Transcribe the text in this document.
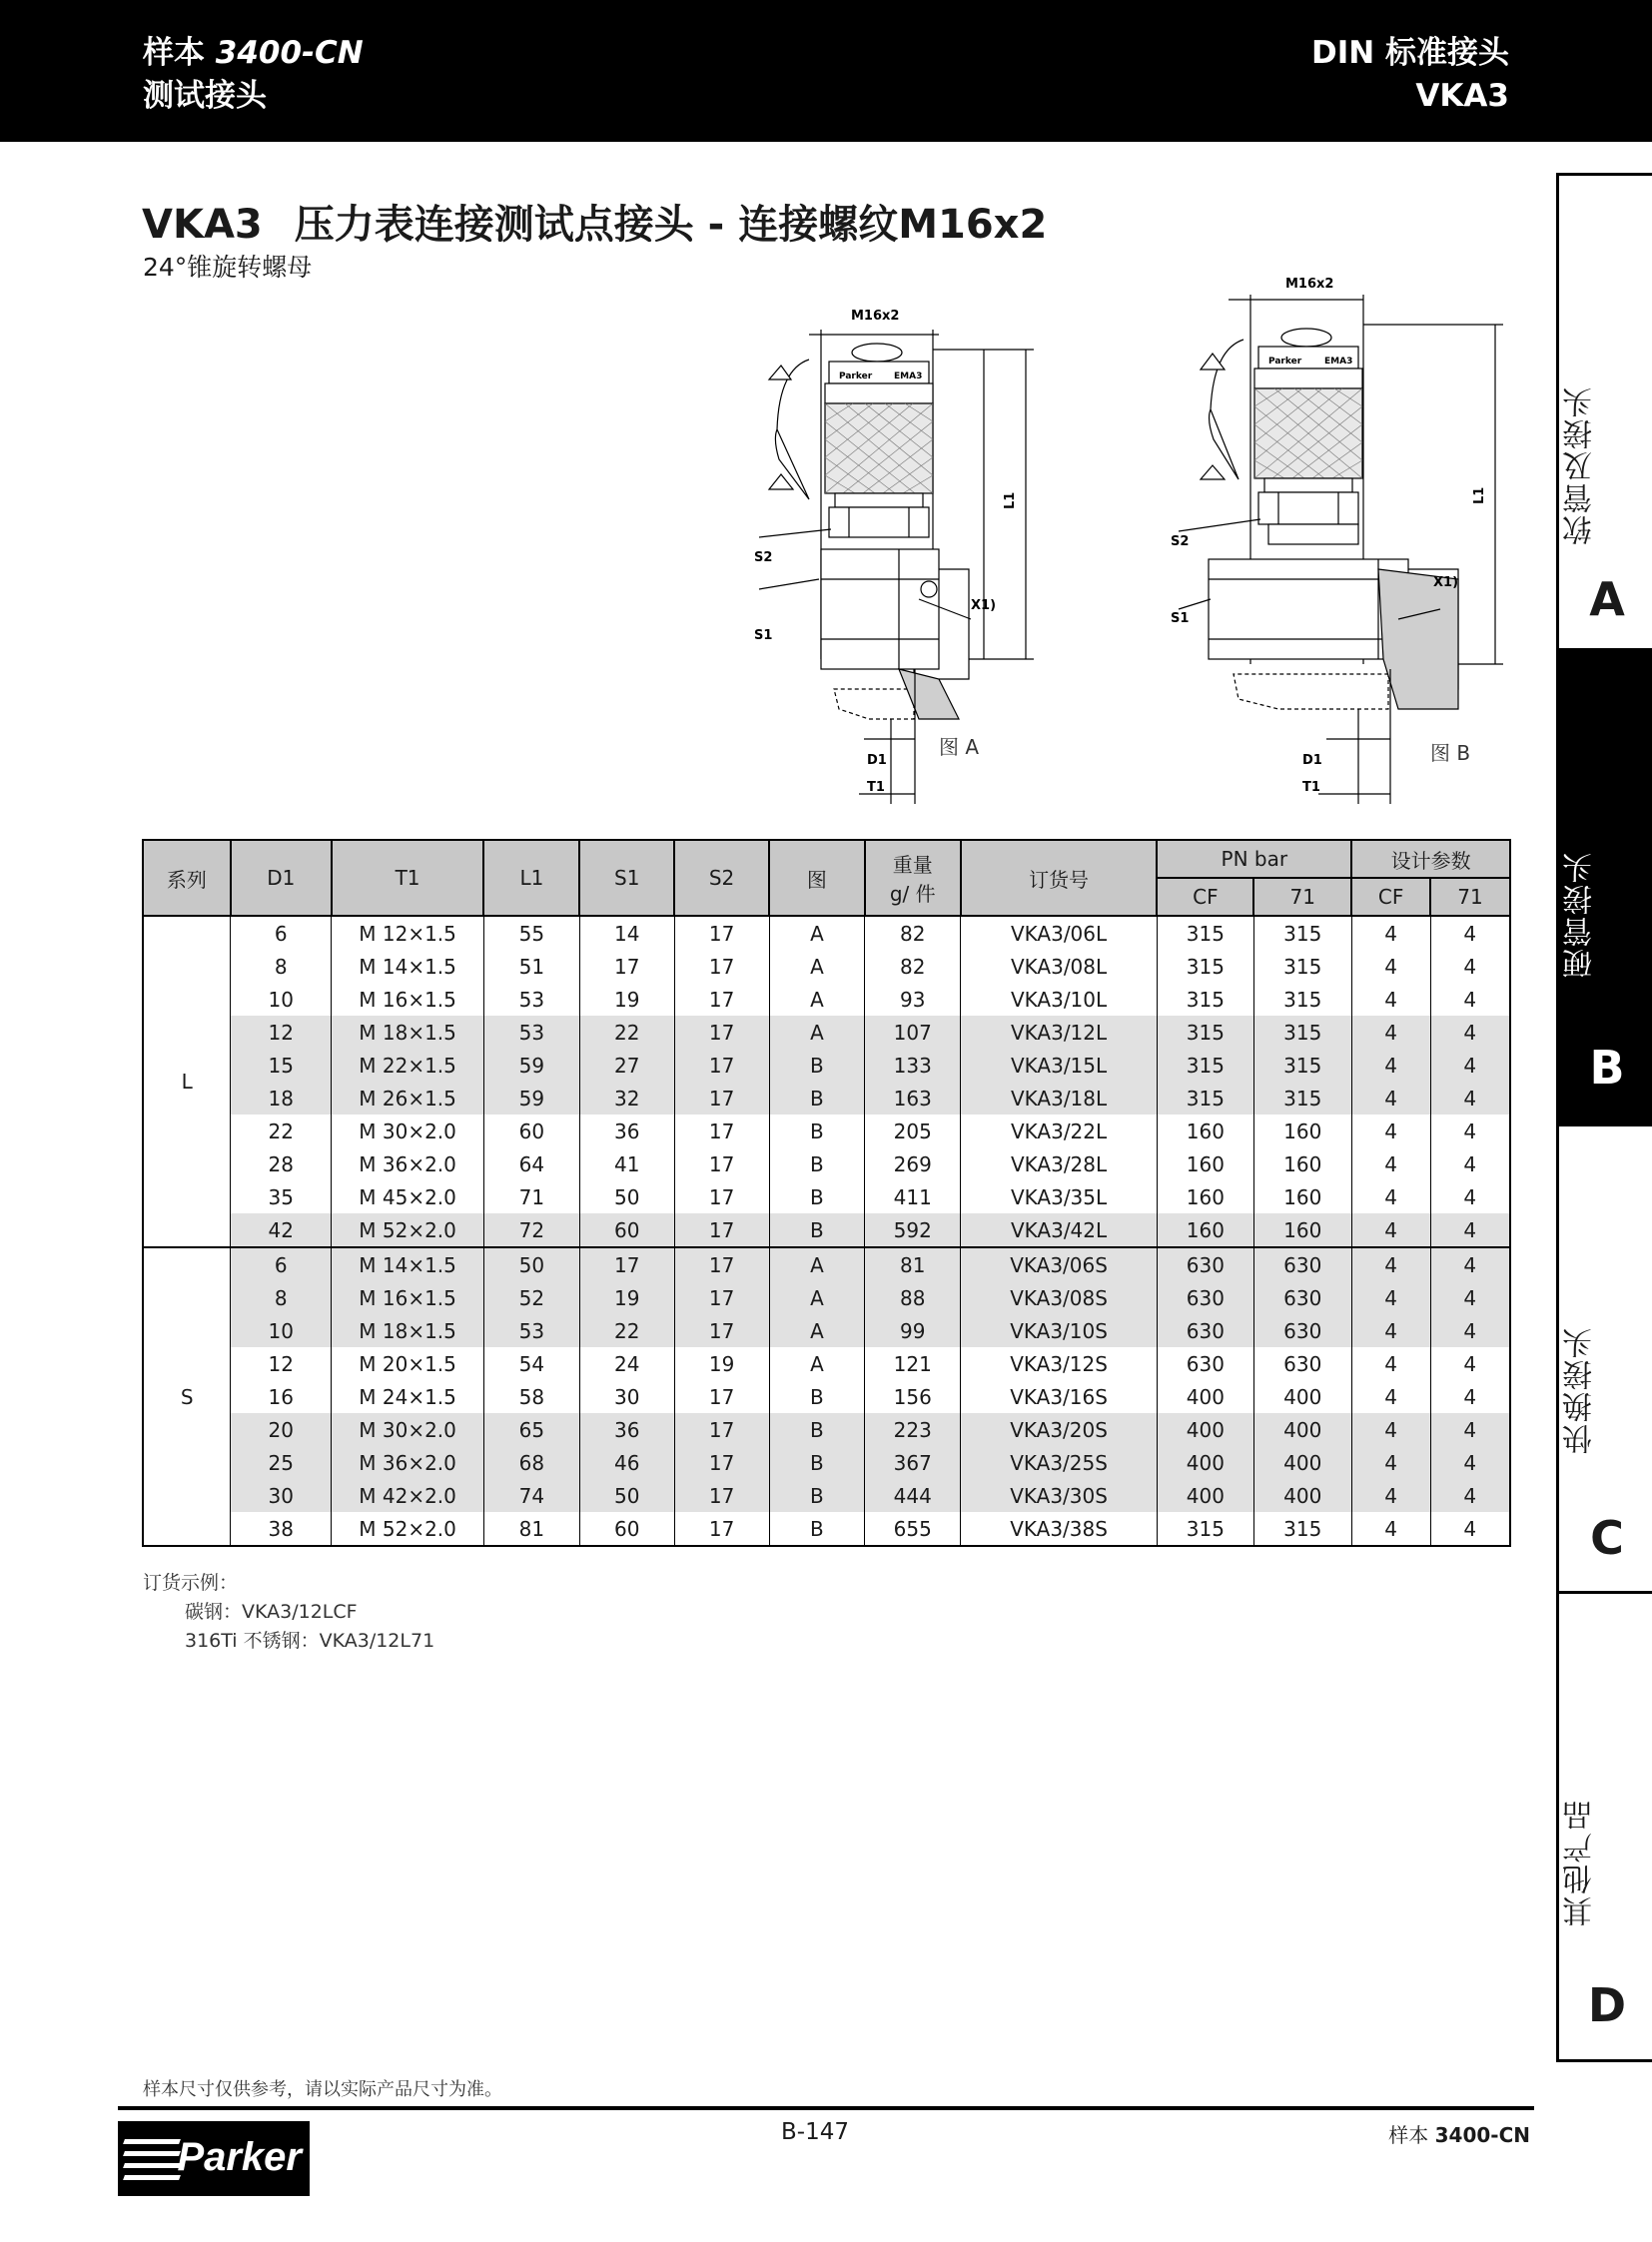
样本 3400-CN
测试接头
DIN 标准接头
VKA3
VKA3 压力表连接测试点接头 - 连接螺纹M16x2
24°锥旋转螺母
M16x2
Parker EMA3
L1
S2
S1
X1)
D1
T1
图 A
M16x2
Parker	EMA3
L1
S2
S1
X1)
D1
T1
图 B
系列	D1	T1	L1	S1	S2	图	重量
g/ 件	订货号	PN bar		设计参数	
									CF	71	CF	71
L	6	M 12×1.5	55	14	17	A	82	VKA3/06L	315	315	4	4
	8	M 14×1.5	51	17	17	A	82	VKA3/08L	315	315	4	4
	10	M 16×1.5	53	19	17	A	93	VKA3/10L	315	315	4	4
	12	M 18×1.5	53	22	17	A	107	VKA3/12L	315	315	4	4
	15	M 22×1.5	59	27	17	B	133	VKA3/15L	315	315	4	4
	18	M 26×1.5	59	32	17	B	163	VKA3/18L	315	315	4	4
	22	M 30×2.0	60	36	17	B	205	VKA3/22L	160	160	4	4
	28	M 36×2.0	64	41	17	B	269	VKA3/28L	160	160	4	4
	35	M 45×2.0	71	50	17	B	411	VKA3/35L	160	160	4	4
	42	M 52×2.0	72	60	17	B	592	VKA3/42L	160	160	4	4
S	6	M 14×1.5	50	17	17	A	81	VKA3/06S	630	630	4	4
	8	M 16×1.5	52	19	17	A	88	VKA3/08S	630	630	4	4
	10	M 18×1.5	53	22	17	A	99	VKA3/10S	630	630	4	4
	12	M 20×1.5	54	24	19	A	121	VKA3/12S	630	630	4	4
	16	M 24×1.5	58	30	17	B	156	VKA3/16S	400	400	4	4
	20	M 30×2.0	65	36	17	B	223	VKA3/20S	400	400	4	4
	25	M 36×2.0	68	46	17	B	367	VKA3/25S	400	400	4	4
	30	M 42×2.0	74	50	17	B	444	VKA3/30S	400	400	4	4
	38	M 52×2.0	81	60	17	B	655	VKA3/38S	315	315	4	4
订货示例：
碳钢：VKA3/12LCF
316Ti 不锈钢：VKA3/12L71
软管及接头
A
硬管接头
B
快换接头
C
其他产品
D
样本尺寸仅供参考，请以实际产品尺寸为准。
Parker
B-147	样本 3400-CN
